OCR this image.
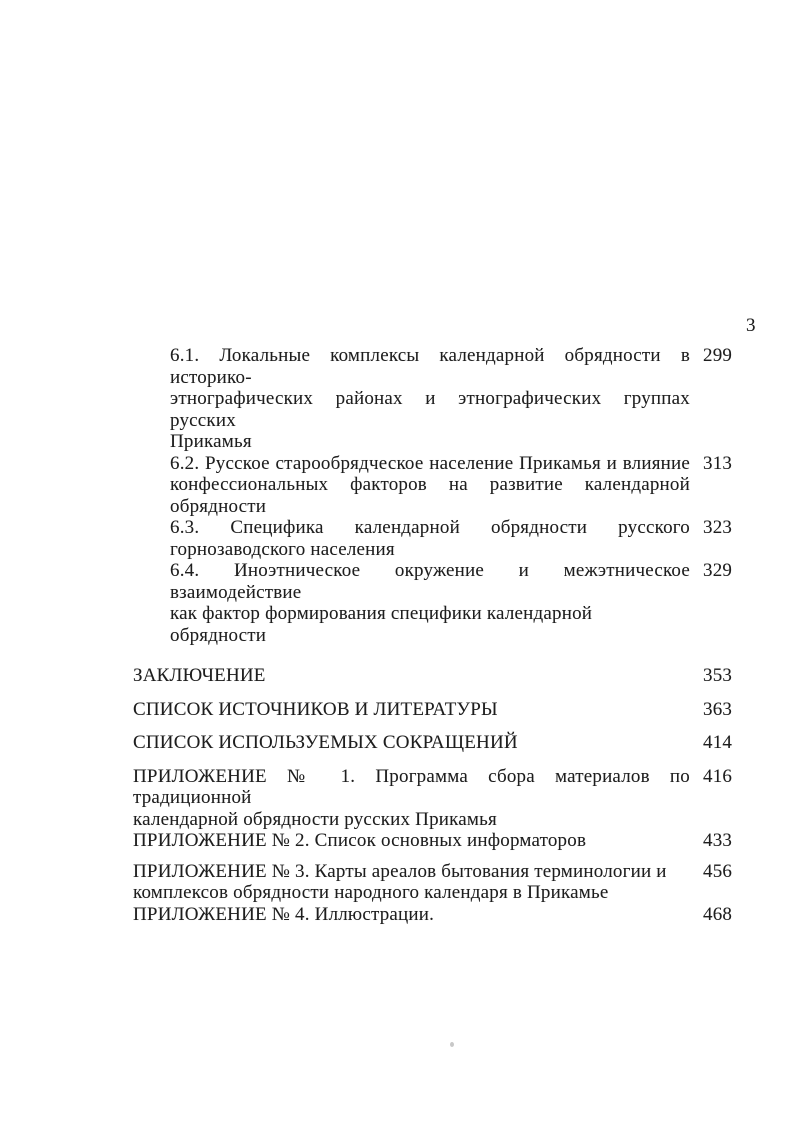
3
6.1. Локальные комплексы календарной обрядности в историко-
этнографических районах и этнографических группах русских
Прикамья
299
6.2. Русское старообрядческое население Прикамья и влияние
конфессиональных факторов на развитие календарной
обрядности
313
6.3. Специфика календарной обрядности русского
горнозаводского населения
323
6.4. Иноэтническое окружение и межэтническое взаимодействие
как фактор формирования специфики календарной обрядности
329
ЗАКЛЮЧЕНИЕ	353
СПИСОК ИСТОЧНИКОВ И ЛИТЕРАТУРЫ	363
СПИСОК ИСПОЛЬЗУЕМЫХ СОКРАЩЕНИЙ	414
ПРИЛОЖЕНИЕ № 1. Программа сбора материалов по традиционной
календарной обрядности русских Прикамья
416
ПРИЛОЖЕНИЕ № 2. Список основных информаторов	433
ПРИЛОЖЕНИЕ № 3. Карты ареалов бытования терминологии и
комплексов обрядности народного календаря в Прикамье
456
ПРИЛОЖЕНИЕ № 4. Иллюстрации.	468
